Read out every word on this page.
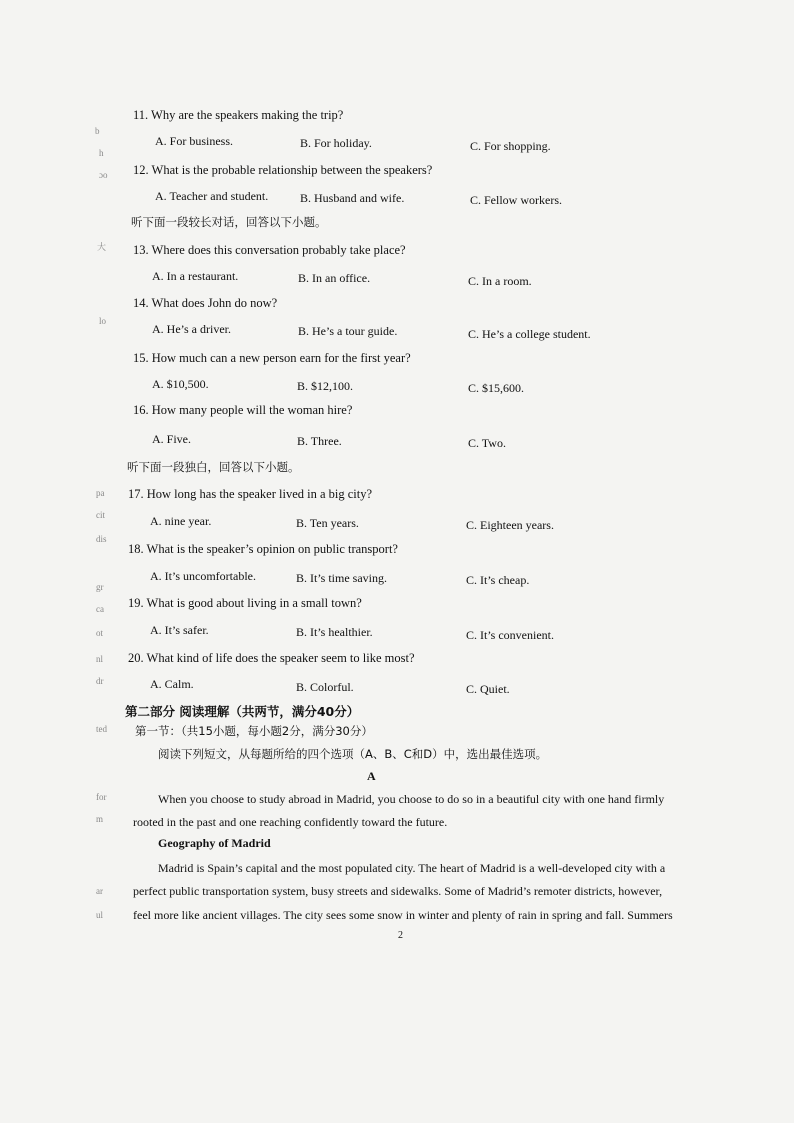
11. Why are the speakers making the trip?
A. For business.	B. For holiday.	C. For shopping.
12. What is the probable relationship between the speakers?
A. Teacher and student.	B. Husband and wife.	C. Fellow workers.
听下面一段较长对话，回答以下小题。
13. Where does this conversation probably take place?
A. In a restaurant.	B. In an office.	C. In a room.
14. What does John do now?
A. He’s a driver.	B. He’s a tour guide.	C. He’s a college student.
15. How much can a new person earn for the first year?
A. $10,500.	B. $12,100.	C. $15,600.
16. How many people will the woman hire?
A. Five.	B. Three.	C. Two.
听下面一段独白，回答以下小题。
17. How long has the speaker lived in a big city?
A. nine year.	B. Ten years.	C. Eighteen years.
18. What is the speaker’s opinion on public transport?
A. It’s uncomfortable.	B. It’s time saving.	C. It’s cheap.
19. What is good about living in a small town?
A. It’s safer.	B. It’s healthier.	C. It’s convenient.
20. What kind of life does the speaker seem to like most?
A. Calm.	B. Colorful.	C. Quiet.
第二部分 阅读理解（共两节，满分40分）
第一节：（共15小题，每小题2分，满分30分）
阅读下列短文，从每题所给的四个选项（A、B、C和D）中，选出最佳选项。
A
When you choose to study abroad in Madrid, you choose to do so in a beautiful city with one hand firmly
rooted in the past and one reaching confidently toward the future.
Geography of Madrid
Madrid is Spain’s capital and the most populated city. The heart of Madrid is a well-developed city with a
perfect public transportation system, busy streets and sidewalks. Some of Madrid’s remoter districts, however,
feel more like ancient villages. The city sees some snow in winter and plenty of rain in spring and fall. Summers
2
b
h
ɔo
大
lo
pa
cit
dis
gr
ca
ot
nl
dr
ted
for
m
ar
ul
